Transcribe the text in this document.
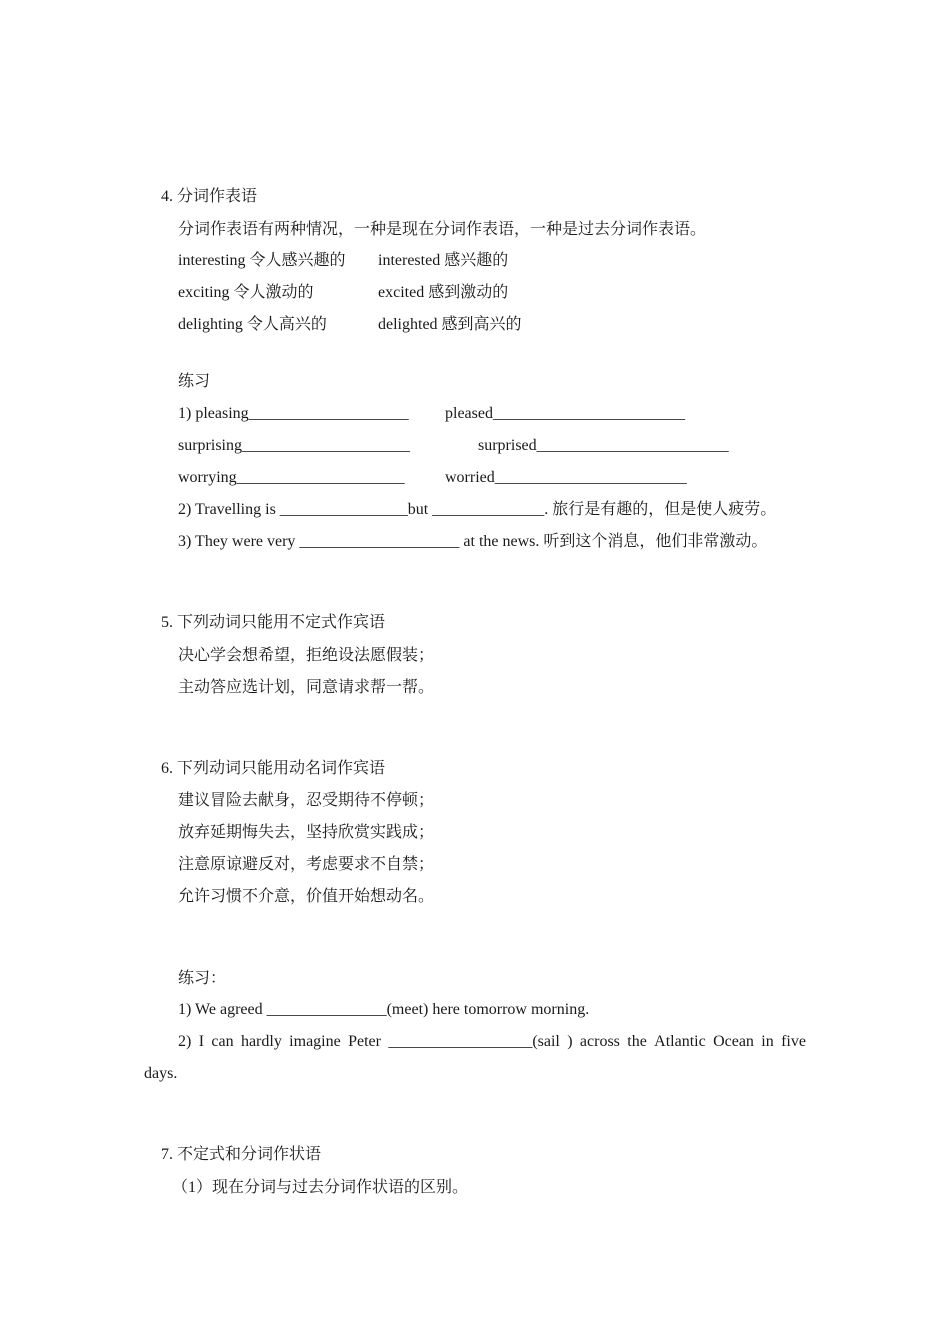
4. 分词作表语
分词作表语有两种情况，一种是现在分词作表语，一种是过去分词作表语。
interesting 令人感兴趣的 interested 感兴趣的
exciting 令人激动的	excited 感到激动的
delighting 令人高兴的	delighted 感到高兴的
练习
1) pleasing____________________ pleased________________________
surprising_____________________	surprised________________________
worrying_____________________	worried________________________
2) Travelling is ________________but ______________. 旅行是有趣的，但是使人疲劳。
3) They were very ____________________ at the news. 听到这个消息，他们非常激动。
5. 下列动词只能用不定式作宾语
决心学会想希望，拒绝设法愿假装；
主动答应选计划，同意请求帮一帮。
6. 下列动词只能用动名词作宾语
建议冒险去献身，忍受期待不停顿；
放弃延期悔失去，坚持欣赏实践成；
注意原谅避反对，考虑要求不自禁；
允许习惯不介意，价值开始想动名。
练习：
1) We agreed _______________(meet) here tomorrow morning.
2) I can hardly imagine Peter __________________(sail ) across the Atlantic Ocean in five
days.
7. 不定式和分词作状语
（1）现在分词与过去分词作状语的区别。
